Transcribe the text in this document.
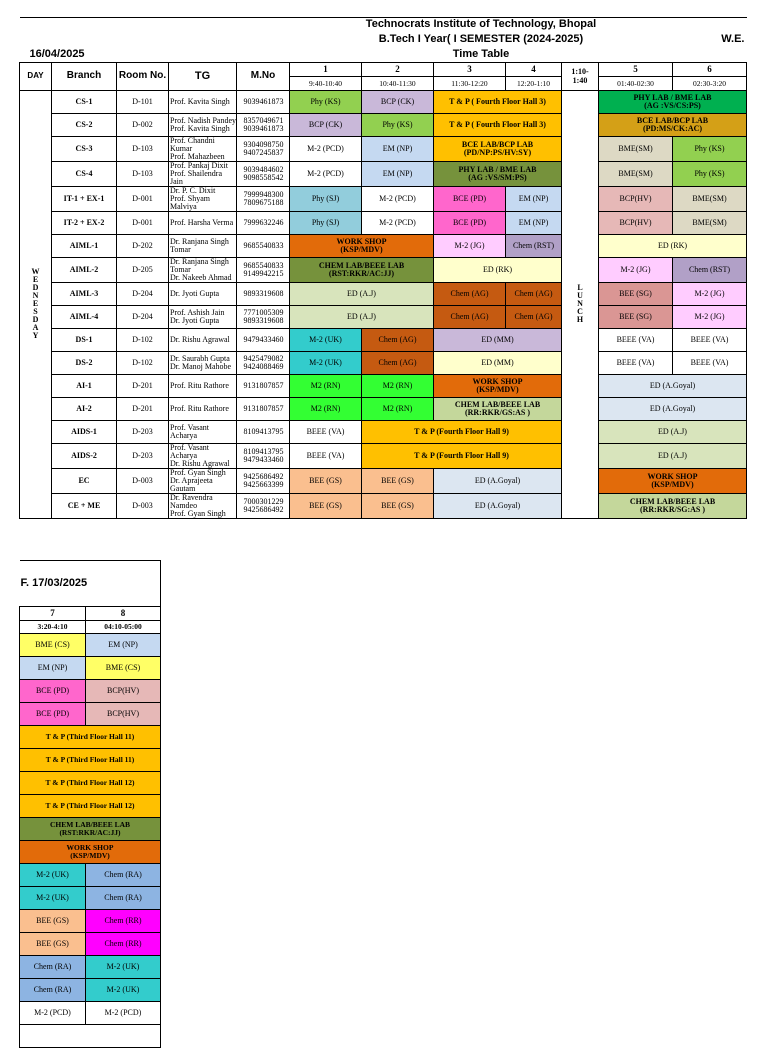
					Technocrats Institute of Technology, Bhopal						
					B.Tech I Year( I SEMESTER (2024-2025)						W.E.
16/04/2025					Time Table						
DAY	Branch	Room No.	TG	M.No	1	2	3	4	1:10-
1:40	5	6
					9:40-10:40	10:40-11:30	11:30-12:20	12:20-1:10		01:40-02:30	02:30-3:20
WEDNESDAY	CS-1	D-101	Prof. Kavita Singh	9039461873	Phy (KS)	BCP (CK)	T & P ( Fourth Floor Hall 3)		LUNCH	PHY LAB / BME LAB
(AG :VS/CS:PS)	
	CS-2	D-002	Prof. Nadish Pandey
Prof. Kavita Singh	8357049671
9039461873	BCP (CK)	Phy (KS)	T & P ( Fourth Floor Hall 3)			BCE LAB/BCP LAB
(PD:MS/CK:AC)	
	CS-3	D-103	Prof. Chandni Kumar
Prof. Mahazbeen	9304098750
9407245837	M-2 (PCD)	EM (NP)	BCE LAB/BCP LAB
(PD/NP:PS/HV:SY)			BME(SM)	Phy (KS)
	CS-4	D-103	Prof. Pankaj Dixit
Prof. Shailendra Jain	9039484602
9098558542	M-2 (PCD)	EM (NP)	PHY LAB / BME LAB
(AG :VS/SM:PS)			BME(SM)	Phy (KS)
	IT-1 + EX-1	D-001	Dr. P. C. Dixit
Prof. Shyam Malviya	7999948300
7809675188	Phy (SJ)	M-2 (PCD)	BCE (PD)	EM (NP)		BCP(HV)	BME(SM)
	IT-2 + EX-2	D-001	Prof. Harsha Verma	7999632246	Phy (SJ)	M-2 (PCD)	BCE (PD)	EM (NP)		BCP(HV)	BME(SM)
	AIML-1	D-202	Dr. Ranjana Singh Tomar	9685540833	WORK SHOP
(KSP/MDV)		M-2 (JG)	Chem (RST)		ED (RK)	
	AIML-2	D-205	Dr. Ranjana Singh Tomar
Dr. Nakeeb Ahmad	9685540833
9149942215	CHEM LAB/BEEE LAB
(RST:RKR/AC:JJ)		ED (RK)			M-2 (JG)	Chem (RST)
	AIML-3	D-204	Dr. Jyoti Gupta	9893319608	ED (A.J)		Chem (AG)	Chem (AG)		BEE (SG)	M-2 (JG)
	AIML-4	D-204	Prof. Ashish Jain
Dr. Jyoti Gupta	7771005309
9893319608	ED (A.J)		Chem (AG)	Chem (AG)		BEE (SG)	M-2 (JG)
	DS-1	D-102	Dr. Rishu Agrawal	9479433460	M-2 (UK)	Chem (AG)	ED (MM)			BEEE (VA)	BEEE (VA)
	DS-2	D-102	Dr. Saurabh Gupta
Dr. Manoj Mahobe	9425479082
9424088469	M-2 (UK)	Chem (AG)	ED (MM)			BEEE (VA)	BEEE (VA)
	AI-1	D-201	Prof. Ritu Rathore	9131807857	M2 (RN)	M2 (RN)	WORK SHOP
(KSP/MDV)			ED (A.Goyal)	
	AI-2	D-201	Prof. Ritu Rathore	9131807857	M2 (RN)	M2 (RN)	CHEM LAB/BEEE LAB
(RR:RKR/GS:AS )			ED (A.Goyal)	
	AIDS-1	D-203	Prof. Vasant Acharya	8109413795	BEEE (VA)	T & P (Fourth Floor Hall 9)				ED (A.J)	
	AIDS-2	D-203	Prof. Vasant Acharya
Dr. Rishu Agrawal	8109413795
9479433460	BEEE (VA)	T & P (Fourth Floor Hall 9)				ED (A.J)	
	EC	D-003	Prof. Gyan Singh
Dr. Aprajeeta Gautam	9425686492
9425663399	BEE (GS)	BEE (GS)	ED (A.Goyal)			WORK SHOP
(KSP/MDV)	
	CE + ME	D-003	Dr. Ravendra Namdeo
Prof. Gyan Singh	7000301229
9425686492	BEE (GS)	BEE (GS)	ED (A.Goyal)			CHEM LAB/BEEE LAB
(RR:RKR/SG:AS )	
F. 17/03/2025	
7	8
3:20-4:10	04:10-05:00
BME (CS)	EM (NP)
EM (NP)	BME (CS)
BCE (PD)	BCP(HV)
BCE (PD)	BCP(HV)
T & P (Third Floor Hall 11)	
T & P (Third Floor Hall 11)	
T & P (Third Floor Hall 12)	
T & P (Third Floor Hall 12)	
CHEM LAB/BEEE LAB
(RST:RKR/AC:JJ)	
WORK SHOP
(KSP/MDV)	
M-2 (UK)	Chem (RA)
M-2 (UK)	Chem (RA)
BEE (GS)	Chem (RR)
BEE (GS)	Chem (RR)
Chem (RA)	M-2 (UK)
Chem (RA)	M-2 (UK)
M-2 (PCD)	M-2 (PCD)
